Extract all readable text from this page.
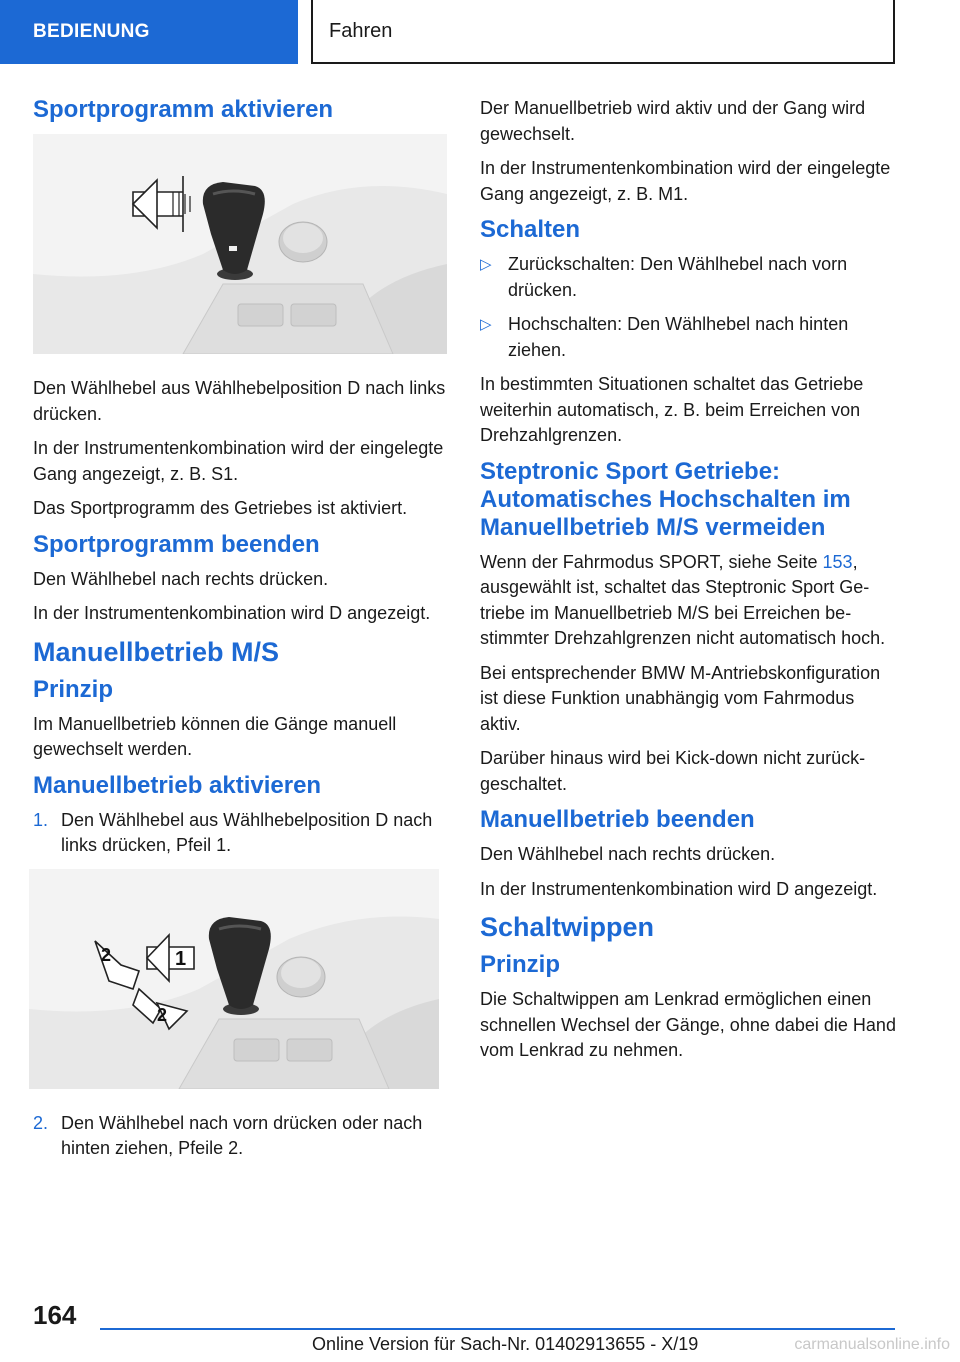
BEDIENUNG	Fahren
Sportprogramm aktivieren

Den Wählhebel aus Wählhebelposition D nach links drücken.

In der Instrumentenkombination wird der eingelegte Gang angezeigt, z. B. S1.

Das Sportprogramm des Getriebes ist aktiviert.

Sportprogramm beenden

Den Wählhebel nach rechts drücken.

In der Instrumentenkombination wird D angezeigt.

Manuellbetrieb M/S
Prinzip

Im Manuellbetrieb können die Gänge manuell gewechselt werden.

Manuellbetrieb aktivieren
1. Den Wählhebel aus Wählhebelposition D nach links drücken, Pfeil 1.
1
2
2
2. Den Wählhebel nach vorn drücken oder nach hinten ziehen, Pfeile 2.

Der Manuellbetrieb wird aktiv und der Gang wird gewechselt.

In der Instrumentenkombination wird der eingelegte Gang angezeigt, z. B. M1.

Schalten
▷ Zurückschalten: Den Wählhebel nach vorn drücken.
▷ Hochschalten: Den Wählhebel nach hinten ziehen.

In bestimmten Situationen schaltet das Getriebe weiterhin automatisch, z. B. beim Erreichen von Drehzahlgrenzen.

Steptronic Sport Getriebe: Automatisches Hochschalten im Manuellbetrieb M/S vermeiden

Wenn der Fahrmodus SPORT, siehe Seite 153, ausgewählt ist, schaltet das Steptronic Sport Getriebe im Manuellbetrieb M/S bei Erreichen bestimmter Drehzahlgrenzen nicht automatisch hoch.

Bei entsprechender BMW M-Antriebskonfiguration ist diese Funktion unabhängig vom Fahrmodus aktiv.

Darüber hinaus wird bei Kick-down nicht zurückgeschaltet.

Manuellbetrieb beenden

Den Wählhebel nach rechts drücken.

In der Instrumentenkombination wird D angezeigt.

Schaltwippen
Prinzip

Die Schaltwippen am Lenkrad ermöglichen einen schnellen Wechsel der Gänge, ohne dabei die Hand vom Lenkrad zu nehmen.

164
Online Version für Sach-Nr. 01402913655 - X/19	carmanualsonline.info
